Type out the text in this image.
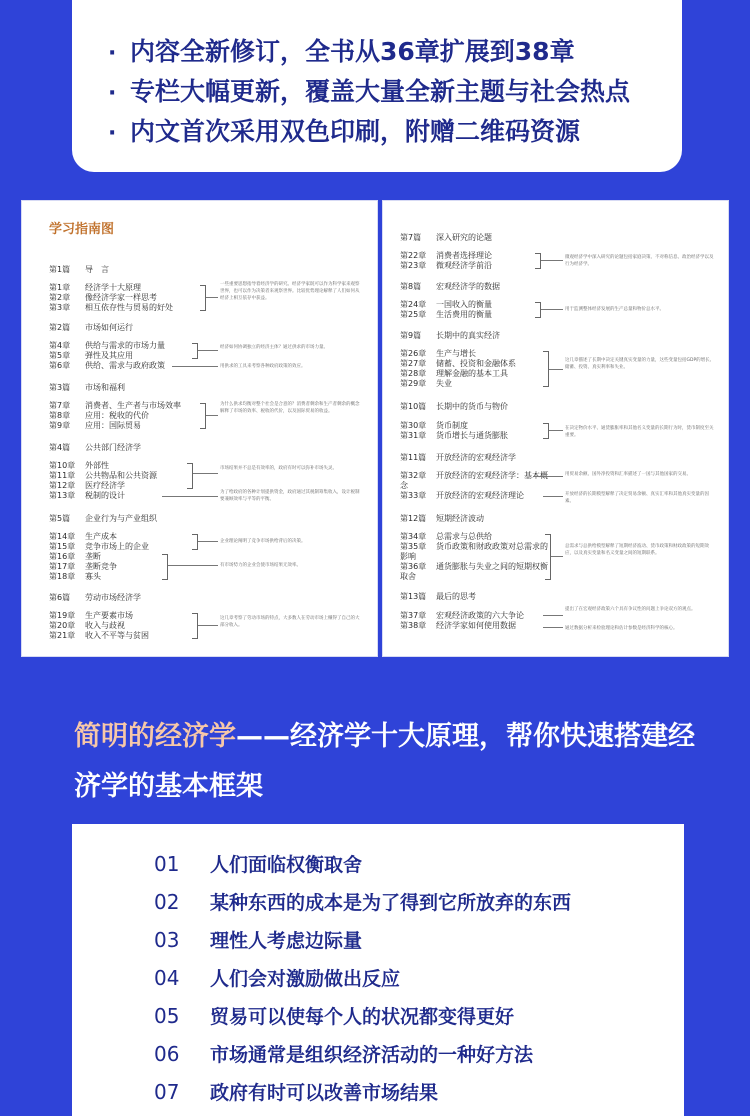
· 内容全新修订，全书从36章扩展到38章
· 专栏大幅更新，覆盖大量全新主题与社会热点
· 内文首次采用双色印刷，附赠二维码资源
学习指南图
第1篇 导　言
第1章 经济学十大原理
第2章 像经济学家一样思考
第3章 相互依存性与贸易的好处
一些重要思想指导着经济学的研究。经济学家既可以作为科学家来观察世界，也可以作为决策者来观察世界。比较优势理论解释了人们如何从经济上相互依存中获益。
第2篇 市场如何运行
第4章 供给与需求的市场力量
第5章 弹性及其应用
第6章 供给、需求与政府政策
经济如何协调独立的经济主体？通过供求的市场力量。
用供求的工具来考察各种政府政策的效应。
第3篇 市场和福利
第7章 消费者、生产者与市场效率
第8章 应用：税收的代价
第9章 应用：国际贸易
为什么供求均衡对整个社会是合意的？消费者剩余和生产者剩余的概念解释了市场的效率、税收的代价，以及国际贸易的收益。
第4篇 公共部门经济学
第10章 外部性
第11章 公共物品和公共资源
第12章 医疗经济学
第13章 税制的设计
市场结果并不总是有效率的，政府有时可以弥补市场失灵。
为了给政府的各种计划提供资金，政府通过其税制筹集收入，设计税制要兼顾效率与平等的平衡。
第5篇 企业行为与产业组织
第14章 生产成本
第15章 竞争市场上的企业
第16章 垄断
第17章 垄断竞争
第18章 寡头
企业理论阐明了竞争市场供给背后的决策。
有市场势力的企业会使市场结果无效率。
第6篇 劳动市场经济学
第19章 生产要素市场
第20章 收入与歧视
第21章 收入不平等与贫困
这几章考察了劳动市场的特点，大多数人在劳动市场上赚得了自己的大部分收入。
第7篇 深入研究的论题
第22章 消费者选择理论
第23章 微观经济学前沿
微观经济学中深入研究的论题包括家庭决策、不对称信息、政治经济学以及行为经济学。
第8篇 宏观经济学的数据
第24章 一国收入的衡量
第25章 生活费用的衡量
用于监测整体经济发展的生产总量和物价总水平。
第9篇 长期中的真实经济
第26章 生产与增长
第27章 储蓄、投资和金融体系
第28章 理解金融的基本工具
第29章 失业
这几章描述了长期中决定关键真实变量的力量，这些变量包括GDP的增长、储蓄、投资、真实利率和失业。
第10篇 长期中的货币与物价
第30章 货币制度
第31章 货币增长与通货膨胀
在决定物价水平、通货膨胀率和其他名义变量的长期行为时，货币制度至关重要。
第11篇 开放经济的宏观经济学
第32章 开放经济的宏观经济学：基本概念
第33章 开放经济的宏观经济理论
用贸易余额、国外净投资和汇率描述了一国与其他国家的交易。
开放经济的长期模型解释了决定贸易余额、真实汇率和其他真实变量的因素。
第12篇 短期经济波动
第34章 总需求与总供给
第35章 货币政策和财政政策对总需求的影响
第36章 通货膨胀与失业之间的短期权衡取舍
总需求与总供给模型解释了短期经济波动、货币政策和财政政策的短期效应，以及真实变量和名义变量之间的短期联系。
第13篇 最后的思考
第37章 宏观经济政策的六大争论
第38章 经济学家如何使用数据
提出了在宏观经济政策六个具有争议性的问题上争论双方的观点。
通过数据分析来检验理论和估计参数是经济科学的核心。
简明的经济学——经济学十大原理，帮你快速搭建经济学的基本框架
01 人们面临权衡取舍
02 某种东西的成本是为了得到它所放弃的东西
03 理性人考虑边际量
04 人们会对激励做出反应
05 贸易可以使每个人的状况都变得更好
06 市场通常是组织经济活动的一种好方法
07 政府有时可以改善市场结果
